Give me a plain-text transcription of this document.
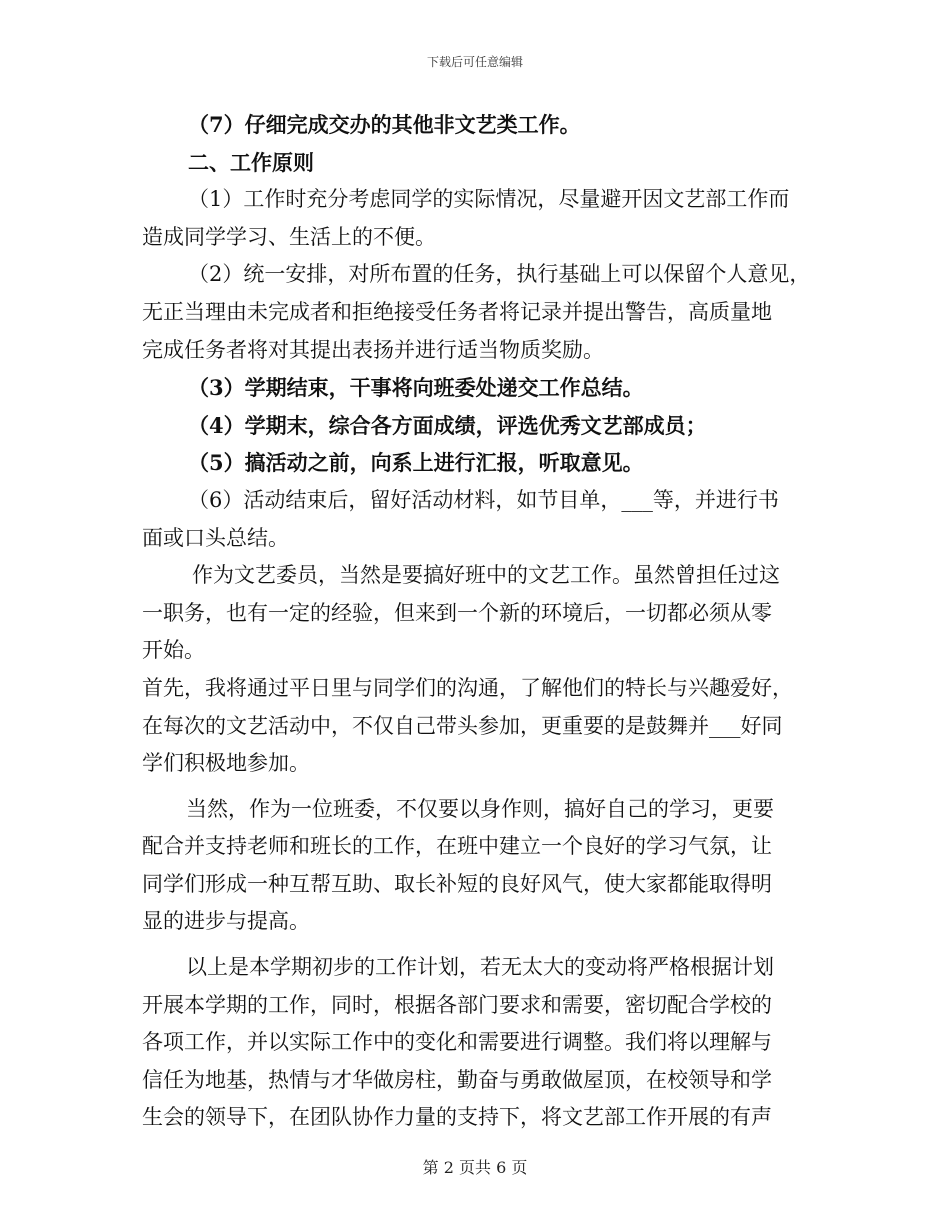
下载后可任意编辑
（7）仔细完成交办的其他非文艺类工作。
二、工作原则
（1）工作时充分考虑同学的实际情况，尽量避开因文艺部工作而
造成同学学习、生活上的不便。
（2）统一安排，对所布置的任务，执行基础上可以保留个人意见，
无正当理由未完成者和拒绝接受任务者将记录并提出警告，高质量地
完成任务者将对其提出表扬并进行适当物质奖励。
（3）学期结束，干事将向班委处递交工作总结。
（4）学期末，综合各方面成绩，评选优秀文艺部成员；
（5）搞活动之前，向系上进行汇报，听取意见。
（6）活动结束后，留好活动材料，如节目单，___等，并进行书
面或口头总结。
作为文艺委员，当然是要搞好班中的文艺工作。虽然曾担任过这
一职务，也有一定的经验，但来到一个新的环境后，一切都必须从零
开始。
首先，我将通过平日里与同学们的沟通，了解他们的特长与兴趣爱好，
在每次的文艺活动中，不仅自己带头参加，更重要的是鼓舞并___好同
学们积极地参加。
当然，作为一位班委，不仅要以身作则，搞好自己的学习，更要
配合并支持老师和班长的工作，在班中建立一个良好的学习气氛，让
同学们形成一种互帮互助、取长补短的良好风气，使大家都能取得明
显的进步与提高。
以上是本学期初步的工作计划，若无太大的变动将严格根据计划
开展本学期的工作，同时，根据各部门要求和需要，密切配合学校的
各项工作，并以实际工作中的变化和需要进行调整。我们将以理解与
信任为地基，热情与才华做房柱，勤奋与勇敢做屋顶，在校领导和学
生会的领导下，在团队协作力量的支持下，将文艺部工作开展的有声
第 2 页共 6 页
